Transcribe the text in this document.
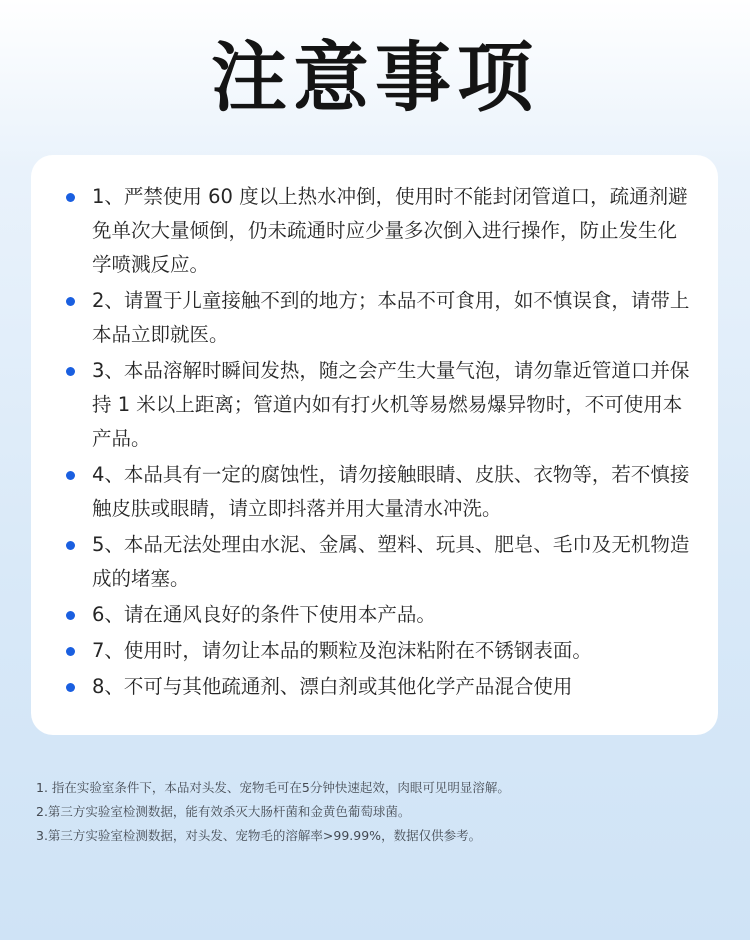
注意事项
1、严禁使用 60 度以上热水冲倒，使用时不能封闭管道口，疏通剂避免单次大量倾倒，仍未疏通时应少量多次倒入进行操作，防止发生化学喷溅反应。
2、请置于儿童接触不到的地方；本品不可食用，如不慎误食，请带上本品立即就医。
3、本品溶解时瞬间发热，随之会产生大量气泡，请勿靠近管道口并保持 1 米以上距离；管道内如有打火机等易燃易爆异物时，不可使用本产品。
4、本品具有一定的腐蚀性，请勿接触眼睛、皮肤、衣物等，若不慎接触皮肤或眼睛，请立即抖落并用大量清水冲洗。
5、本品无法处理由水泥、金属、塑料、玩具、肥皂、毛巾及无机物造成的堵塞。
6、请在通风良好的条件下使用本产品。
7、使用时，请勿让本品的颗粒及泡沫粘附在不锈钢表面。
8、不可与其他疏通剂、漂白剂或其他化学产品混合使用

1. 指在实验室条件下，本品对头发、宠物毛可在5分钟快速起效，肉眼可见明显溶解。

2.第三方实验室检测数据，能有效杀灭大肠杆菌和金黄色葡萄球菌。

3.第三方实验室检测数据，对头发、宠物毛的溶解率>99.99%，数据仅供参考。
